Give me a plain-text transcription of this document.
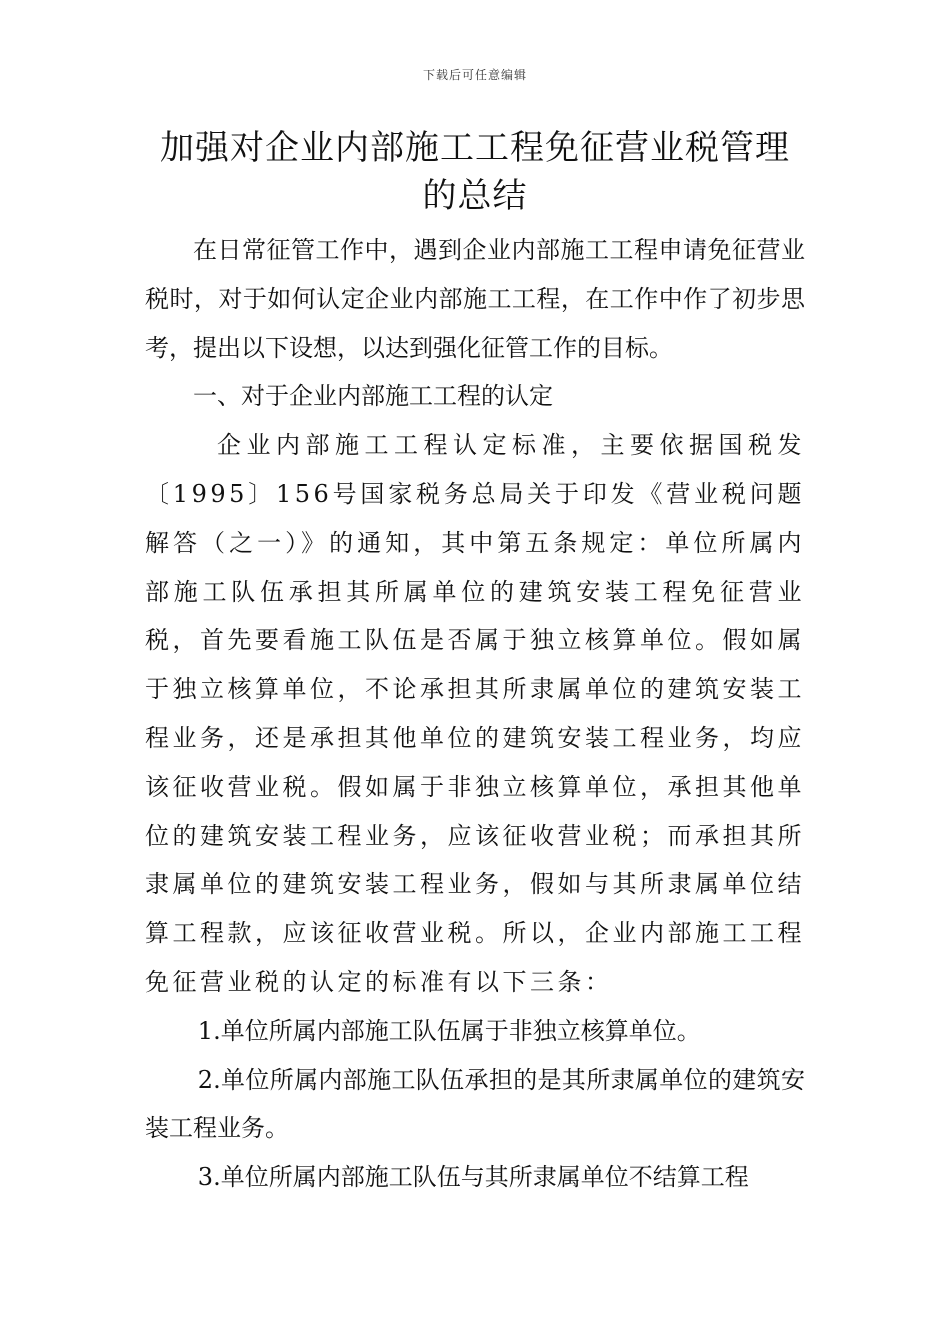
下载后可任意编辑
加强对企业内部施工工程免征营业税管理的总结

在日常征管工作中，遇到企业内部施工工程申请免征营业税时，对于如何认定企业内部施工工程，在工作中作了初步思考，提出以下设想，以达到强化征管工作的目标。

一、对于企业内部施工工程的认定

企业内部施工工程认定标准，主要依据国税发〔1995〕156号国家税务总局关于印发《营业税问题解答（之一）》的通知，其中第五条规定：单位所属内部施工队伍承担其所属单位的建筑安装工程免征营业税，首先要看施工队伍是否属于独立核算单位。假如属于独立核算单位，不论承担其所隶属单位的建筑安装工程业务，还是承担其他单位的建筑安装工程业务，均应该征收营业税。假如属于非独立核算单位，承担其他单位的建筑安装工程业务，应该征收营业税；而承担其所隶属单位的建筑安装工程业务，假如与其所隶属单位结算工程款，应该征收营业税。所以，企业内部施工工程免征营业税的认定的标准有以下三条：

1.单位所属内部施工队伍属于非独立核算单位。

2.单位所属内部施工队伍承担的是其所隶属单位的建筑安装工程业务。

3.单位所属内部施工队伍与其所隶属单位不结算工程
